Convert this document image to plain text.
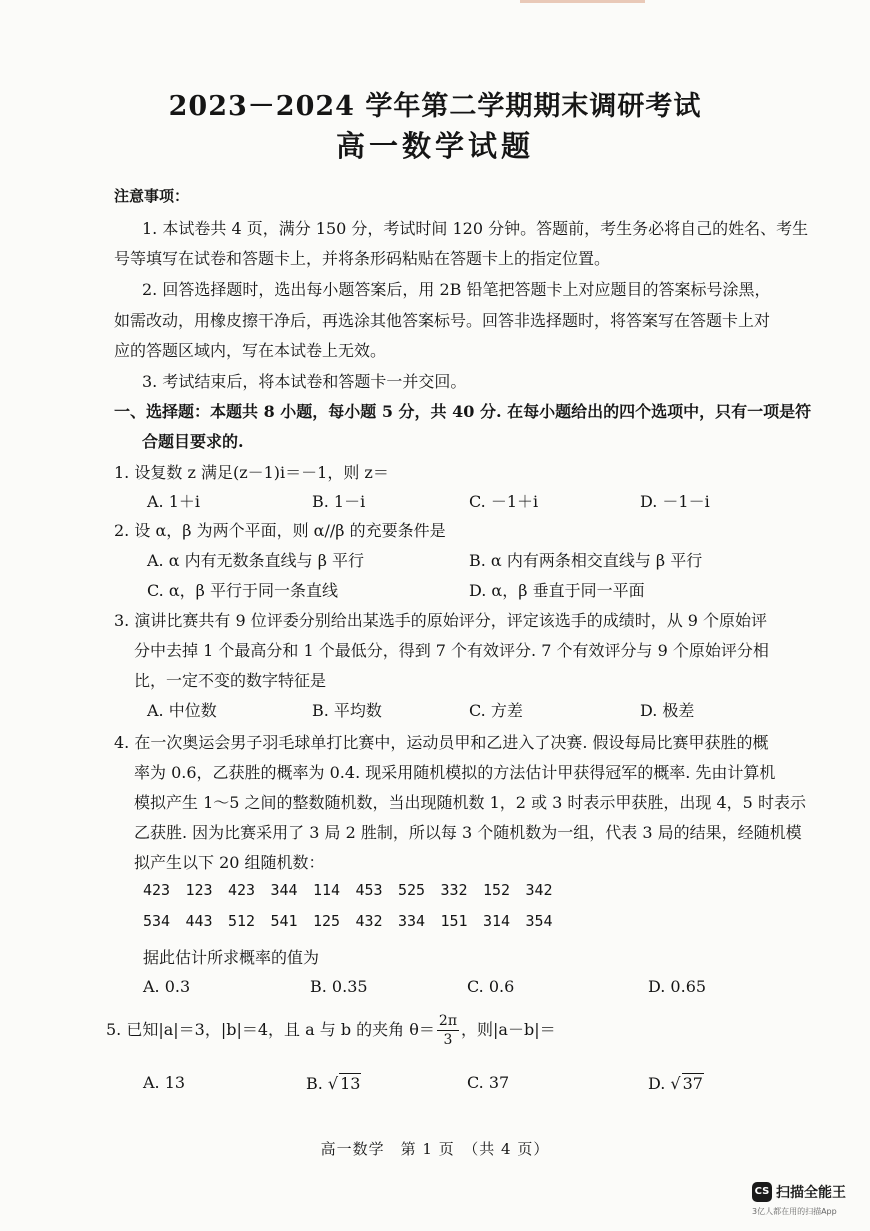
2023－2024 学年第二学期期末调研考试
高一数学试题
注意事项：
1. 本试卷共 4 页，满分 150 分，考试时间 120 分钟。答题前，考生务必将自己的姓名、考生
号等填写在试卷和答题卡上，并将条形码粘贴在答题卡上的指定位置。
2. 回答选择题时，选出每小题答案后，用 2B 铅笔把答题卡上对应题目的答案标号涂黑，
如需改动，用橡皮擦干净后，再选涂其他答案标号。回答非选择题时，将答案写在答题卡上对
应的答题区域内，写在本试卷上无效。
3. 考试结束后，将本试卷和答题卡一并交回。
一、选择题：本题共 8 小题，每小题 5 分，共 40 分. 在每小题给出的四个选项中，只有一项是符
合题目要求的.
1. 设复数 z 满足(z－1)i＝－1，则 z＝
A. 1＋i	B. 1－i	C. －1＋i	D. －1－i
2. 设 α，β 为两个平面，则 α//β 的充要条件是
A. α 内有无数条直线与 β 平行	B. α 内有两条相交直线与 β 平行
C. α，β 平行于同一条直线	D. α，β 垂直于同一平面
3. 演讲比赛共有 9 位评委分别给出某选手的原始评分，评定该选手的成绩时，从 9 个原始评
分中去掉 1 个最高分和 1 个最低分，得到 7 个有效评分. 7 个有效评分与 9 个原始评分相
比，一定不变的数字特征是
A. 中位数	B. 平均数	C. 方差	D. 极差
4. 在一次奥运会男子羽毛球单打比赛中，运动员甲和乙进入了决赛. 假设每局比赛甲获胜的概
率为 0.6，乙获胜的概率为 0.4. 现采用随机模拟的方法估计甲获得冠军的概率. 先由计算机
模拟产生 1～5 之间的整数随机数，当出现随机数 1，2 或 3 时表示甲获胜，出现 4，5 时表示
乙获胜. 因为比赛采用了 3 局 2 胜制，所以每 3 个随机数为一组，代表 3 局的结果，经随机模
拟产生以下 20 组随机数：
423 123 423 344 114 453 525 332 152 342
534 443 512 541 125 432 334 151 314 354
据此估计所求概率的值为
A. 0.3	B. 0.35	C. 0.6	D. 0.65
5. 已知|a|＝3，|b|＝4，且 a 与 b 的夹角 $\theta= \frac{2\pi}{3}$ ，则|a－b|＝
A. 13	B. √ 13	C. 37	D. √ 37
高一数学　第 1 页　（共 4 页）
CS 扫描全能王
3亿人都在用的扫描App
